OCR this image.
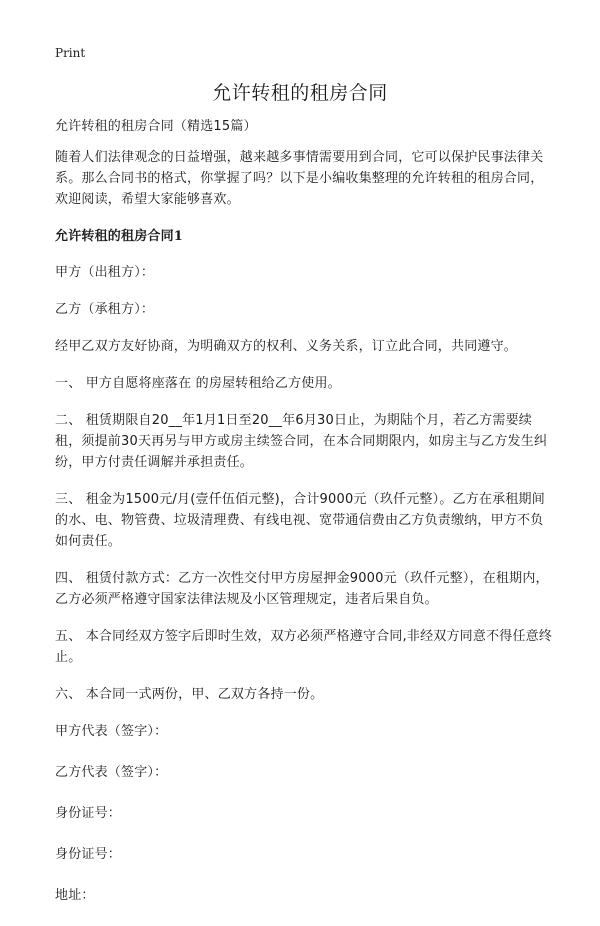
Print
允许转租的租房合同

允许转租的租房合同（精选15篇）

随着人们法律观念的日益增强，越来越多事情需要用到合同，它可以保护民事法律关系。那么合同书的格式，你掌握了吗？以下是小编收集整理的允许转租的租房合同，欢迎阅读，希望大家能够喜欢。

允许转租的租房合同1

甲方（出租方）：

乙方（承租方）：

经甲乙双方友好协商，为明确双方的权利、义务关系，订立此合同，共同遵守。

一、 甲方自愿将座落在 的房屋转租给乙方使用。

二、 租赁期限自20__年1月1日至20__年6月30日止，为期陆个月，若乙方需要续租，须提前30天再另与甲方或房主续签合同，在本合同期限内，如房主与乙方发生纠纷，甲方付责任调解并承担责任。

三、 租金为1500元/月(壹仟伍佰元整)，合计9000元（玖仟元整）。乙方在承租期间的水、电、物管费、垃圾清理费、有线电视、宽带通信费由乙方负责缴纳，甲方不负如何责任。

四、 租赁付款方式：乙方一次性交付甲方房屋押金9000元（玖仟元整），在租期内，乙方必须严格遵守国家法律法规及小区管理规定，违者后果自负。

五、 本合同经双方签字后即时生效，双方必须严格遵守合同,非经双方同意不得任意终止。

六、 本合同一式两份，甲、乙双方各持一份。

甲方代表（签字）：

乙方代表（签字）：

身份证号：

身份证号：

地址：
